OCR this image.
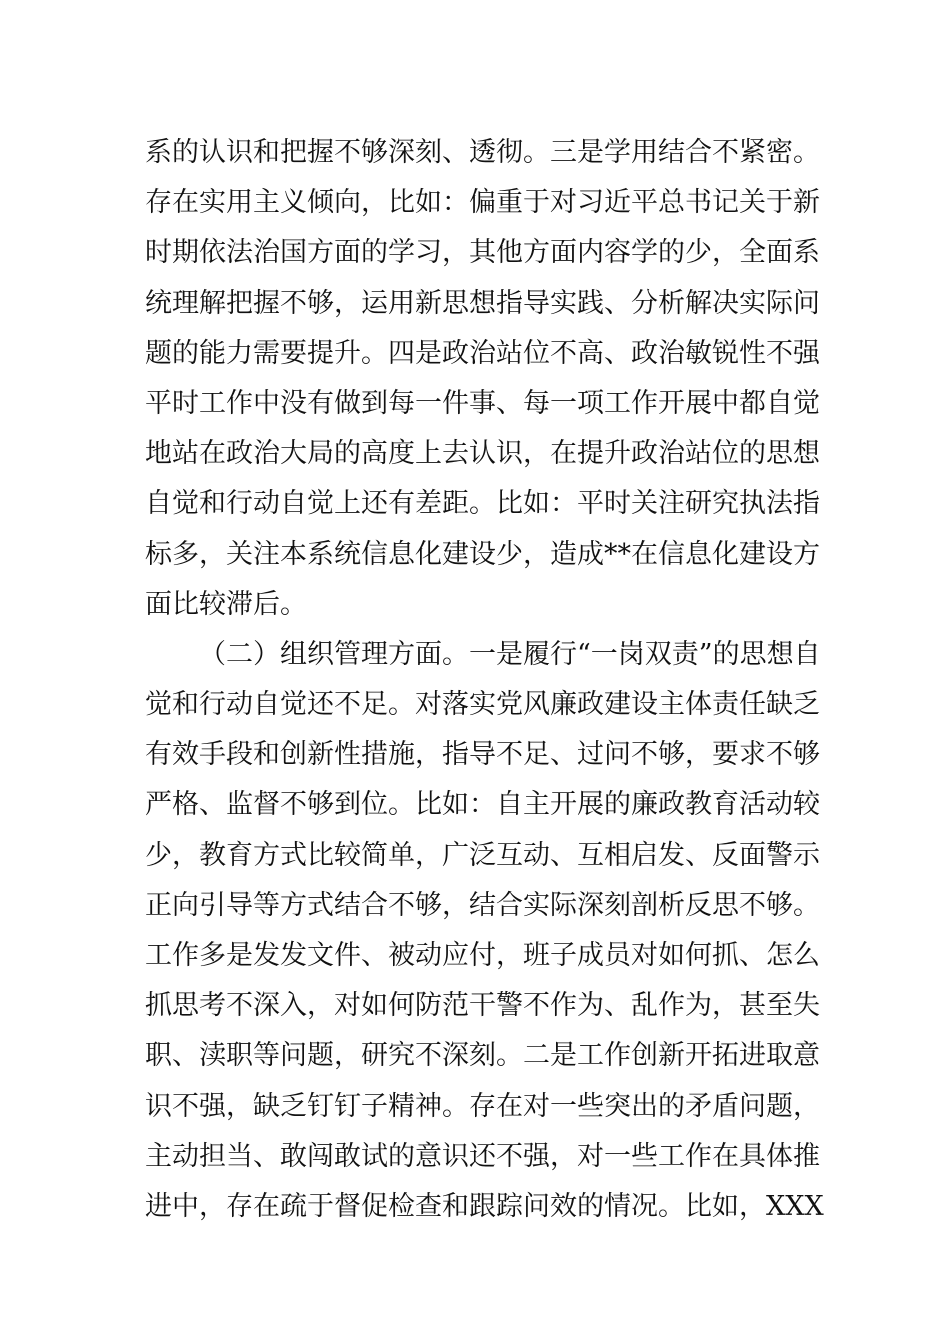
系的认识和把握不够深刻、透彻。三是学用结合不紧密。
存在实用主义倾向，比如：偏重于对习近平总书记关于新
时期依法治国方面的学习，其他方面内容学的少，全面系
统理解把握不够，运用新思想指导实践、分析解决实际问
题的能力需要提升。四是政治站位不高、政治敏锐性不强
平时工作中没有做到每一件事、每一项工作开展中都自觉
地站在政治大局的高度上去认识，在提升政治站位的思想
自觉和行动自觉上还有差距。比如：平时关注研究执法指
标多，关注本系统信息化建设少，造成**在信息化建设方
面比较滞后。
（二）组织管理方面。一是履行“一岗双责”的思想自
觉和行动自觉还不足。对落实党风廉政建设主体责任缺乏
有效手段和创新性措施，指导不足、过问不够，要求不够
严格、监督不够到位。比如：自主开展的廉政教育活动较
少，教育方式比较简单，广泛互动、互相启发、反面警示
正向引导等方式结合不够，结合实际深刻剖析反思不够。
工作多是发发文件、被动应付，班子成员对如何抓、怎么
抓思考不深入，对如何防范干警不作为、乱作为，甚至失
职、渎职等问题，研究不深刻。二是工作创新开拓进取意
识不强，缺乏钉钉子精神。存在对一些突出的矛盾问题，
主动担当、敢闯敢试的意识还不强，对一些工作在具体推
进中，存在疏于督促检查和跟踪问效的情况。比如，XXX
